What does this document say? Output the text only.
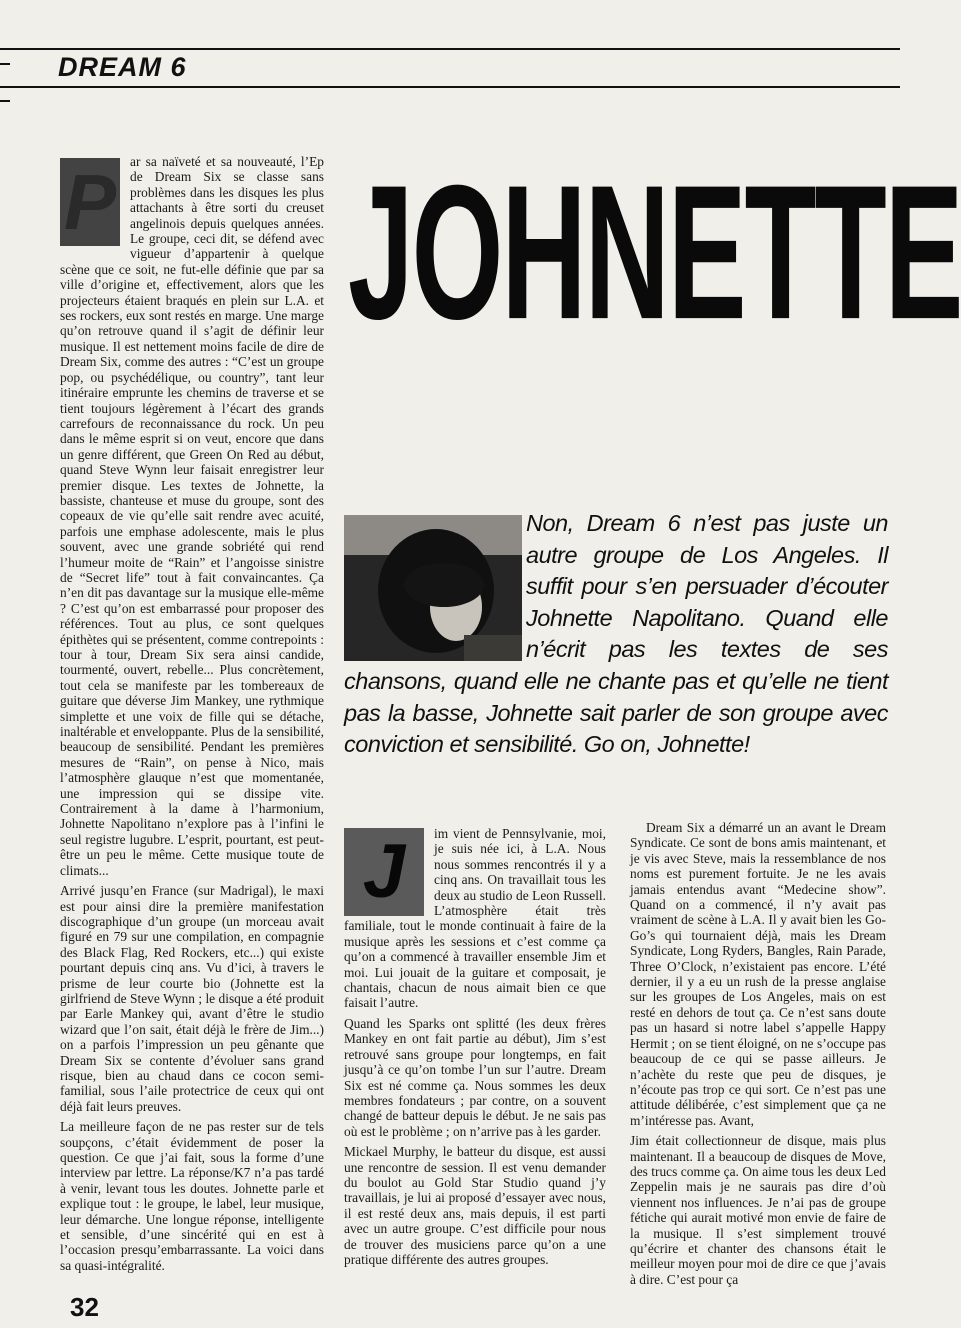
DREAM 6
JOHNETTE
Non, Dream 6 n’est pas juste un autre groupe de Los Angeles. Il suffit pour s’en persuader d’écouter Johnette Napolitano. Quand elle n’écrit pas les textes de ses chansons, quand elle ne chante pas et qu’elle ne tient pas la basse, Johnette sait parler de son groupe avec conviction et sensibilité. Go on, Johnette!
P	ar sa naïveté et sa nouveauté, l’Ep de Dream Six se classe sans problèmes dans les disques les plus attachants à être sorti du creuset angelinois depuis quelques années. Le groupe, ceci dit, se défend avec vigueur d’appartenir à quelque scène que ce soit, ne fut-elle définie que par sa ville d’origine et, effectivement, alors que les projecteurs étaient braqués en plein sur L.A. et ses rockers, eux sont restés en marge. Une marge qu’on retrouve quand il s’agit de définir leur musique. Il est nettement moins facile de dire de Dream Six, comme des autres : “C’est un groupe pop, ou psychédélique, ou country”, tant leur itinéraire emprunte les chemins de traverse et se tient toujours légèrement à l’écart des grands carrefours de reconnaissance du rock. Un peu dans le même esprit si on veut, encore que dans un genre différent, que Green On Red au début, quand Steve Wynn leur faisait enregistrer leur premier disque. Les textes de Johnette, la bassiste, chanteuse et muse du groupe, sont des copeaux de vie qu’elle sait rendre avec acuité, parfois une emphase adolescente, mais le plus souvent, avec une grande sobriété qui rend l’humeur moite de “Rain” et l’angoisse sinistre de “Secret life” tout à fait convaincantes. Ça n’en dit pas davantage sur la musique elle-même ? C’est qu’on est embarrassé pour proposer des références. Tout au plus, ce sont quelques épithètes qui se présentent, comme contrepoints : tour à tour, Dream Six sera ainsi candide, tourmenté, ouvert, rebelle... Plus concrètement, tout cela se manifeste par les tombereaux de guitare que déverse Jim Mankey, une rythmique simplette et une voix de fille qui se détache, inaltérable et enveloppante. Plus de la sensibilité, beaucoup de sensibilité. Pendant les premières mesures de “Rain”, on pense à Nico, mais l’atmosphère glauque n’est que momentanée, une impression qui se dissipe vite. Contrairement à la dame à l’harmonium, Johnette Napolitano n’explore pas à l’infini le seul registre lugubre. L’esprit, pourtant, est peut-être un peu le même. Cette musique toute de climats...

Arrivé jusqu’en France (sur Madrigal), le maxi est pour ainsi dire la première manifestation discographique d’un groupe (un morceau avait figuré en 79 sur une compilation, en compagnie des Black Flag, Red Rockers, etc...) qui existe pourtant depuis cinq ans. Vu d’ici, à travers le prisme de leur courte bio (Johnette est la girlfriend de Steve Wynn ; le disque a été produit par Earle Mankey qui, avant d’être le studio wizard que l’on sait, était déjà le frère de Jim...) on a parfois l’impression un peu gênante que Dream Six se contente d’évoluer sans grand risque, bien au chaud dans ce cocon semi-familial, sous l’aile protectrice de ceux qui ont déjà fait leurs preuves.

La meilleure façon de ne pas rester sur de tels soupçons, c’était évidemment de poser la question. Ce que j’ai fait, sous la forme d’une interview par lettre. La réponse/K7 n’a pas tardé à venir, levant tous les doutes. Johnette parle et explique tout : le groupe, le label, leur musique, leur démarche. Une longue réponse, intelligente et sensible, d’une sincérité qui en est à l’occasion presqu’embarrassante. La voici dans sa quasi-intégralité.

J	im vient de Pennsylvanie, moi, je suis née ici, à L.A. Nous nous sommes rencontrés il y a cinq ans. On travaillait tous les deux au studio de Leon Russell. L’atmosphère était très familiale, tout le monde continuait à faire de la musique après les sessions et c’est comme ça qu’on a commencé à travailler ensemble Jim et moi. Lui jouait de la guitare et composait, je chantais, chacun de nous aimait bien ce que faisait l’autre.

Quand les Sparks ont splitté (les deux frères Mankey en ont fait partie au début), Jim s’est retrouvé sans groupe pour longtemps, en fait jusqu’à ce qu’on tombe l’un sur l’autre. Dream Six est né comme ça. Nous sommes les deux membres fondateurs ; par contre, on a souvent changé de batteur depuis le début. Je ne sais pas où est le problème ; on n’arrive pas à les garder.

Mickael Murphy, le batteur du disque, est aussi une rencontre de session. Il est venu demander du boulot au Gold Star Studio quand j’y travaillais, je lui ai proposé d’essayer avec nous, il est resté deux ans, mais depuis, il est parti avec un autre groupe. C’est difficile pour nous de trouver des musiciens parce qu’on a une pratique différente des autres groupes.

Dream Six a démarré un an avant le Dream Syndicate. Ce sont de bons amis maintenant, et je vis avec Steve, mais la ressemblance de nos noms est purement fortuite. Je ne les avais jamais entendus avant “Medecine show”. Quand on a commencé, il n’y avait pas vraiment de scène à L.A. Il y avait bien les Go-Go’s qui tournaient déjà, mais les Dream Syndicate, Long Ryders, Bangles, Rain Parade, Three O’Clock, n’existaient pas encore. L’été dernier, il y a eu un rush de la presse anglaise sur les groupes de Los Angeles, mais on est resté en dehors de tout ça. Ce n’est sans doute pas un hasard si notre label s’appelle Happy Hermit ; on se tient éloigné, on ne s’occupe pas beaucoup de ce qui se passe ailleurs. Je n’achète du reste que peu de disques, je n’écoute pas trop ce qui sort. Ce n’est pas une attitude délibérée, c’est simplement que ça ne m’intéresse pas. Avant,

Jim était collectionneur de disque, mais plus maintenant. Il a beaucoup de disques de Move, des trucs comme ça. On aime tous les deux Led Zeppelin mais je ne saurais pas dire d’où viennent nos influences. Je n’ai pas de groupe fétiche qui aurait motivé mon envie de faire de la musique. Il s’est simplement trouvé qu’écrire et chanter des chansons était le meilleur moyen pour moi de dire ce que j’avais à dire. C’est pour ça

32
